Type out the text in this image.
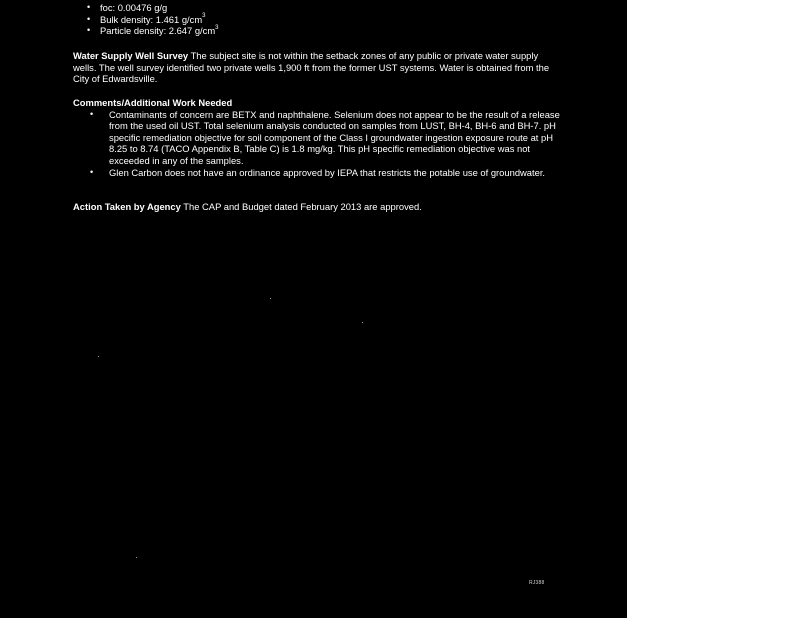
• foc: 0.00476 g/g
• Bulk density: 1.461 $g/cm^3$
• Particle density: 2.647 $g/cm^3$
Water Supply Well Survey The subject site is not within the setback zones of any public or private water supply wells. The well survey identified two private wells 1,900 ft from the former UST systems. Water is obtained from the City of Edwardsville.
Comments/Additional Work Needed
• Contaminants of concern are BETX and naphthalene. Selenium does not appear to be the result of a release from the used oil UST. Total selenium analysis conducted on samples from LUST, BH-4, BH-6 and BH-7. pH specific remediation objective for soil component of the Class I groundwater ingestion exposure route at pH 8.25 to 8.74 (TACO Appendix B, Table C) is 1.8 mg/kg. This pH specific remediation objective was not exceeded in any of the samples.
• Glen Carbon does not have an ordinance approved by IEPA that restricts the potable use of groundwater.
Action Taken by Agency The CAP and Budget dated February 2013 are approved.
RJ388
